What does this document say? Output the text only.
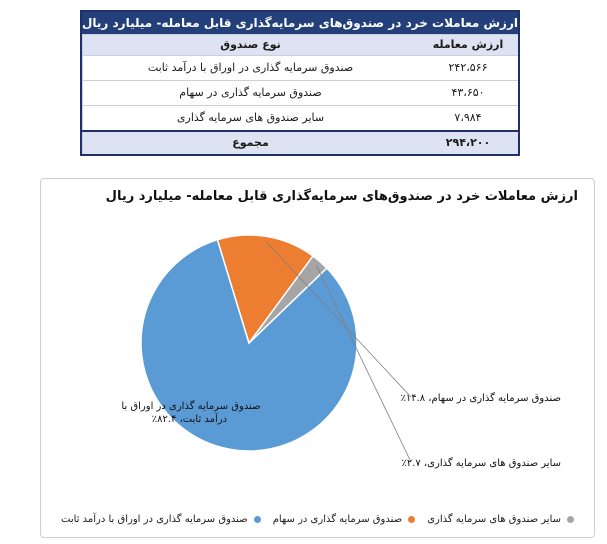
ارزش معاملات خرد در صندوق‌های سرمایه‌گذاری قابل معامله- میلیارد ریال
نوع صندوق	ارزش معامله
صندوق سرمایه گذاری در اوراق با درآمد ثابت	۲۴۲،۵۶۶
صندوق سرمایه گذاری در سهام	۴۳،۶۵۰
سایر صندوق های سرمایه گذاری	۷،۹۸۴
مجموع	۲۹۴،۲۰۰
ارزش معاملات خرد در صندوق‌های سرمایه‌گذاری قابل معامله- میلیارد ریال
صندوق سرمایه گذاری در اوراق با درآمد ثابت، ۸۲.۴٪
صندوق سرمایه گذاری در سهام، ۱۴.۸٪
سایر صندوق های سرمایه گذاری، ۲.۷٪
صندوق سرمایه گذاری در اوراق با درآمد ثابت	صندوق سرمایه گذاری در سهام	سایر صندوق های سرمایه گذاری
